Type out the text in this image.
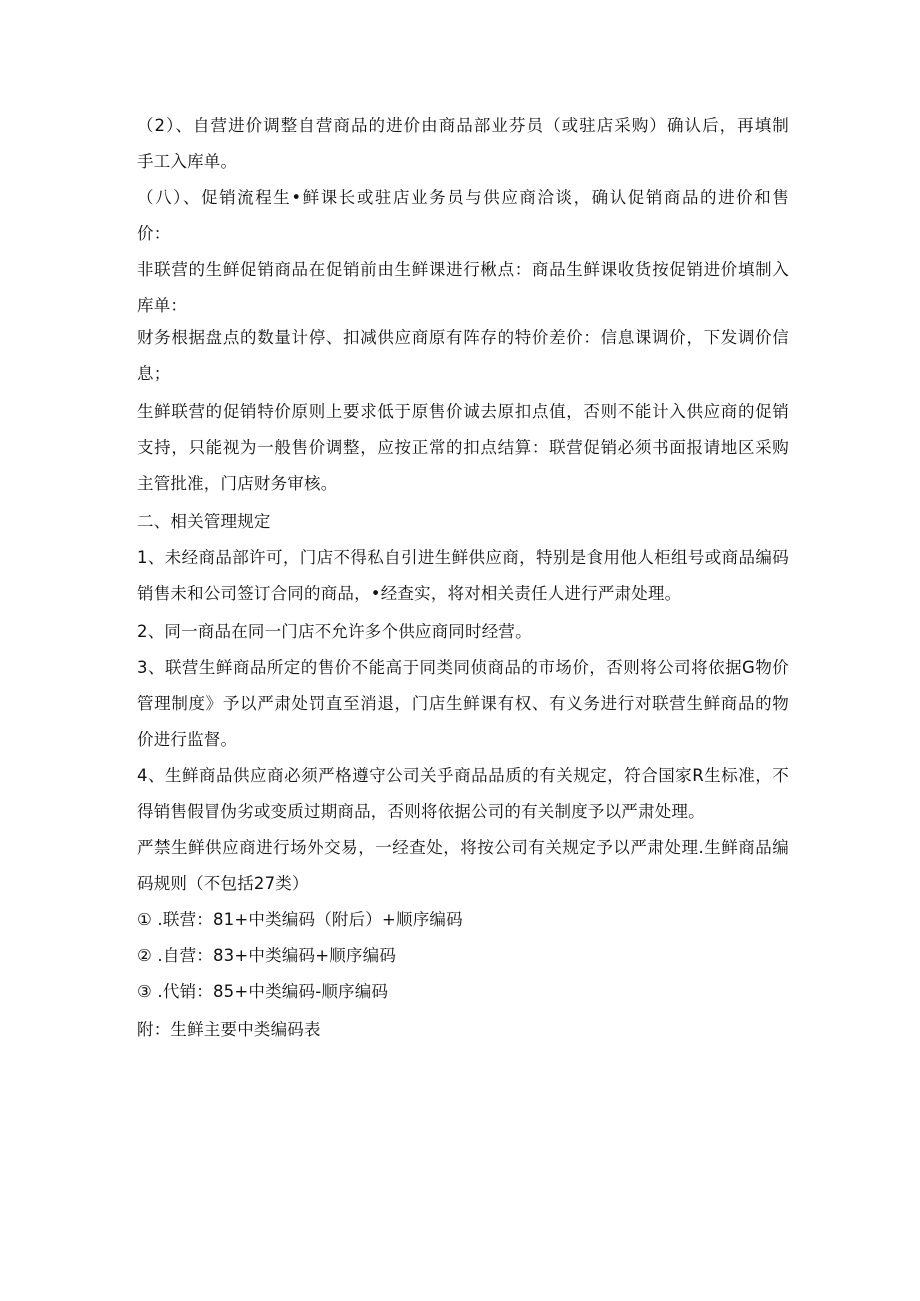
（2）、自营进价调整自营商品的进价由商品部业芬员（或驻店采购）确认后，再填制
手工入库单。
（八）、促销流程生•鲜课长或驻店业务员与供应商洽谈，确认促销商品的进价和售
价：
非联营的生鲜促销商品在促销前由生鲜课进行楸点：商品生鲜课收货按促销进价填制入
库单：
财务根据盘点的数量计停、扣减供应商原有阵存的特价差价：信息课调价，下发调价信
息；
生鲜联营的促销特价原则上要求低于原售价诚去原扣点值，否则不能计入供应商的促销
支持，只能视为一般售价调整，应按正常的扣点结算：联营促销必须书面报请地区采购
主管批准，门店财务审核。
二、相关管理规定
1、未经商品部许可，门店不得私自引进生鲜供应商，特别是食用他人柜组号或商品编码
销售未和公司签订合同的商品，•经查实，将对相关责任人进行严肃处理。
2、同一商品在同一门店不允许多个供应商同时经营。
3、联营生鲜商品所定的售价不能高于同类同侦商品的市场价，否则将公司将依据G物价
管理制度》予以严肃处罚直至消退，门店生鲜课有权、有义务进行对联营生鲜商品的物
价进行监督。
4、生鲜商品供应商必须严格遵守公司关乎商品品质的有关规定，符合国家R生标准，不
得销售假冒伪劣或变质过期商品，否则将依据公司的有关制度予以严肃处理。
严禁生鲜供应商进行场外交易，一经查处，将按公司有关规定予以严肃处理.生鲜商品编
码规则（不包括27类）
① .联营：81+中类编码（附后）+顺序编码
② .自营：83+中类编码+顺序编码
③ .代销：85+中类编码-顺序编码
附：生鲜主要中类编码表
